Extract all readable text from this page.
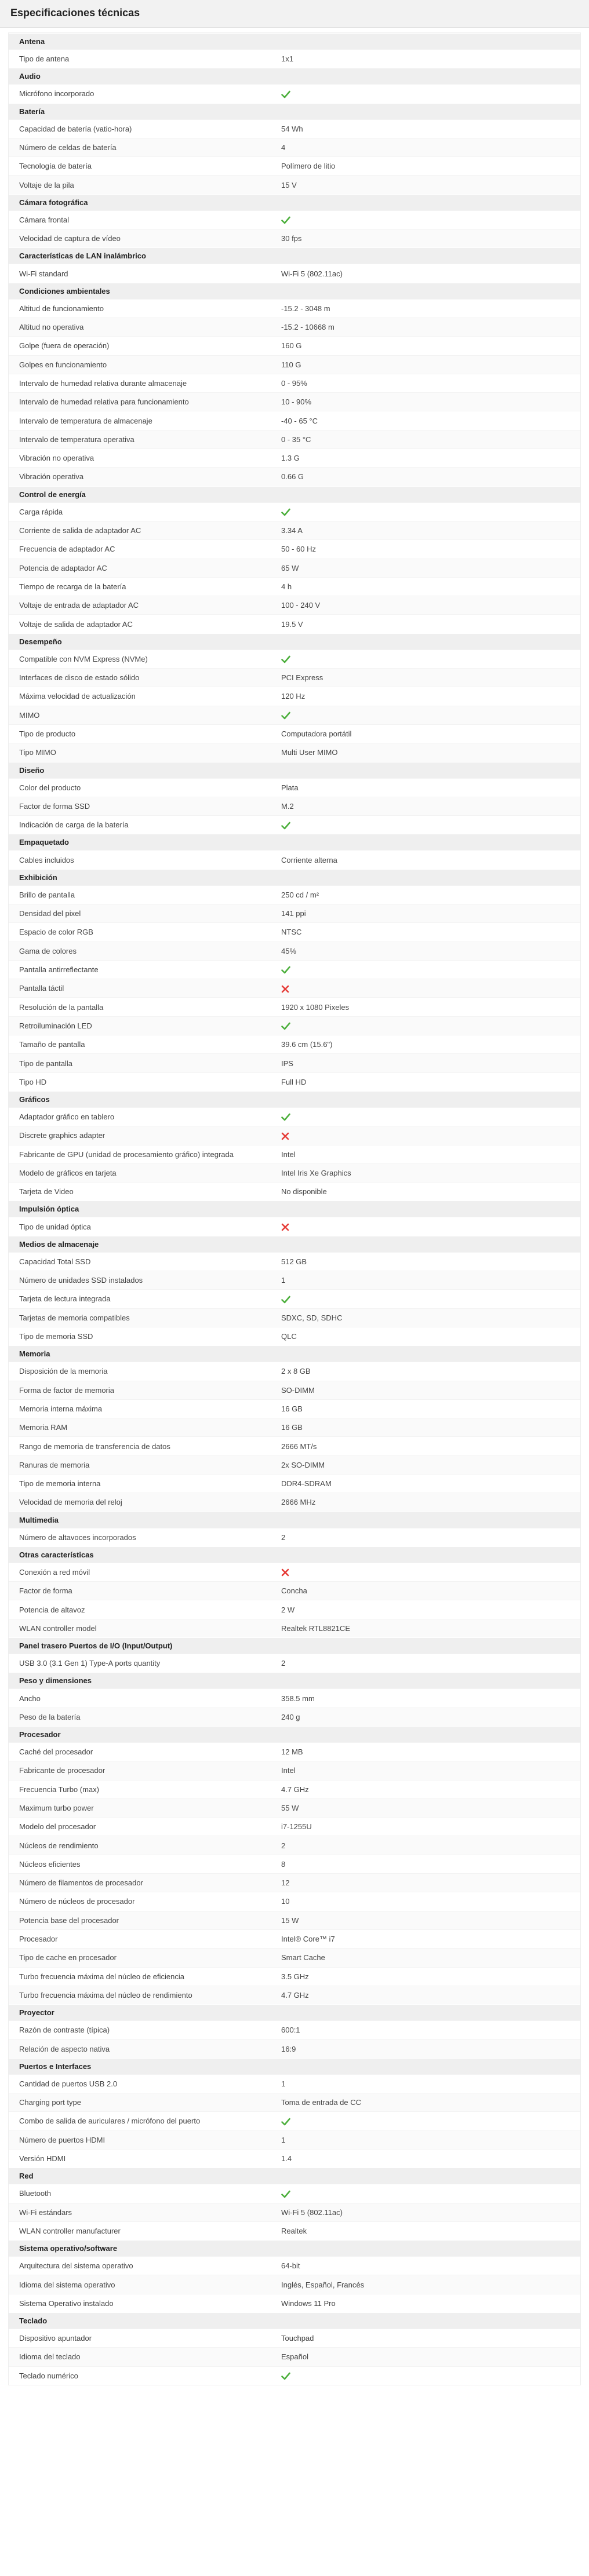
Especificaciones técnicas
Antena
Tipo de antena	1x1
Audio
Micrófono incorporado
Batería
Capacidad de batería (vatio-hora)	54 Wh
Número de celdas de batería	4
Tecnología de batería	Polímero de litio
Voltaje de la pila	15 V
Cámara fotográfica
Cámara frontal
Velocidad de captura de vídeo	30 fps
Características de LAN inalámbrico
Wi-Fi standard	Wi-Fi 5 (802.11ac)
Condiciones ambientales
Altitud de funcionamiento	-15.2 - 3048 m
Altitud no operativa	-15.2 - 10668 m
Golpe (fuera de operación)	160 G
Golpes en funcionamiento	110 G
Intervalo de humedad relativa durante almacenaje	0 - 95%
Intervalo de humedad relativa para funcionamiento	10 - 90%
Intervalo de temperatura de almacenaje	-40 - 65 °C
Intervalo de temperatura operativa	0 - 35 °C
Vibración no operativa	1.3 G
Vibración operativa	0.66 G
Control de energía
Carga rápida
Corriente de salida de adaptador AC	3.34 A
Frecuencia de adaptador AC	50 - 60 Hz
Potencia de adaptador AC	65 W
Tiempo de recarga de la batería	4 h
Voltaje de entrada de adaptador AC	100 - 240 V
Voltaje de salida de adaptador AC	19.5 V
Desempeño
Compatible con NVM Express (NVMe)
Interfaces de disco de estado sólido	PCI Express
Máxima velocidad de actualización	120 Hz
MIMO
Tipo de producto	Computadora portátil
Tipo MIMO	Multi User MIMO
Diseño
Color del producto	Plata
Factor de forma SSD	M.2
Indicación de carga de la batería
Empaquetado
Cables incluidos	Corriente alterna
Exhibición
Brillo de pantalla	250 cd / m²
Densidad del pixel	141 ppi
Espacio de color RGB	NTSC
Gama de colores	45%
Pantalla antirreflectante
Pantalla táctil
Resolución de la pantalla	1920 x 1080 Pixeles
Retroiluminación LED
Tamaño de pantalla	39.6 cm (15.6")
Tipo de pantalla	IPS
Tipo HD	Full HD
Gráficos
Adaptador gráfico en tablero
Discrete graphics adapter
Fabricante de GPU (unidad de procesamiento gráfico) integrada	Intel
Modelo de gráficos en tarjeta	Intel Iris Xe Graphics
Tarjeta de Video	No disponible
Impulsión óptica
Tipo de unidad óptica
Medios de almacenaje
Capacidad Total SSD	512 GB
Número de unidades SSD instalados	1
Tarjeta de lectura integrada
Tarjetas de memoria compatibles	SDXC, SD, SDHC
Tipo de memoria SSD	QLC
Memoria
Disposición de la memoria	2 x 8 GB
Forma de factor de memoria	SO-DIMM
Memoria interna máxima	16 GB
Memoria RAM	16 GB
Rango de memoria de transferencia de datos	2666 MT/s
Ranuras de memoria	2x SO-DIMM
Tipo de memoria interna	DDR4-SDRAM
Velocidad de memoria del reloj	2666 MHz
Multimedia
Número de altavoces incorporados	2
Otras características
Conexión a red móvil
Factor de forma	Concha
Potencia de altavoz	2 W
WLAN controller model	Realtek RTL8821CE
Panel trasero Puertos de I/O (Input/Output)
USB 3.0 (3.1 Gen 1) Type-A ports quantity	2
Peso y dimensiones
Ancho	358.5 mm
Peso de la batería	240 g
Procesador
Caché del procesador	12 MB
Fabricante de procesador	Intel
Frecuencia Turbo (max)	4.7 GHz
Maximum turbo power	55 W
Modelo del procesador	i7-1255U
Núcleos de rendimiento	2
Núcleos eficientes	8
Número de filamentos de procesador	12
Número de núcleos de procesador	10
Potencia base del procesador	15 W
Procesador	Intel® Core™ i7
Tipo de cache en procesador	Smart Cache
Turbo frecuencia máxima del núcleo de eficiencia	3.5 GHz
Turbo frecuencia máxima del núcleo de rendimiento	4.7 GHz
Proyector
Razón de contraste (típica)	600:1
Relación de aspecto nativa	16:9
Puertos e Interfaces
Cantidad de puertos USB 2.0	1
Charging port type	Toma de entrada de CC
Combo de salida de auriculares / micrófono del puerto
Número de puertos HDMI	1
Versión HDMI	1.4
Red
Bluetooth
Wi-Fi estándars	Wi-Fi 5 (802.11ac)
WLAN controller manufacturer	Realtek
Sistema operativo/software
Arquitectura del sistema operativo	64-bit
Idioma del sistema operativo	Inglés, Español, Francés
Sistema Operativo instalado	Windows 11 Pro
Teclado
Dispositivo apuntador	Touchpad
Idioma del teclado	Español
Teclado numérico
